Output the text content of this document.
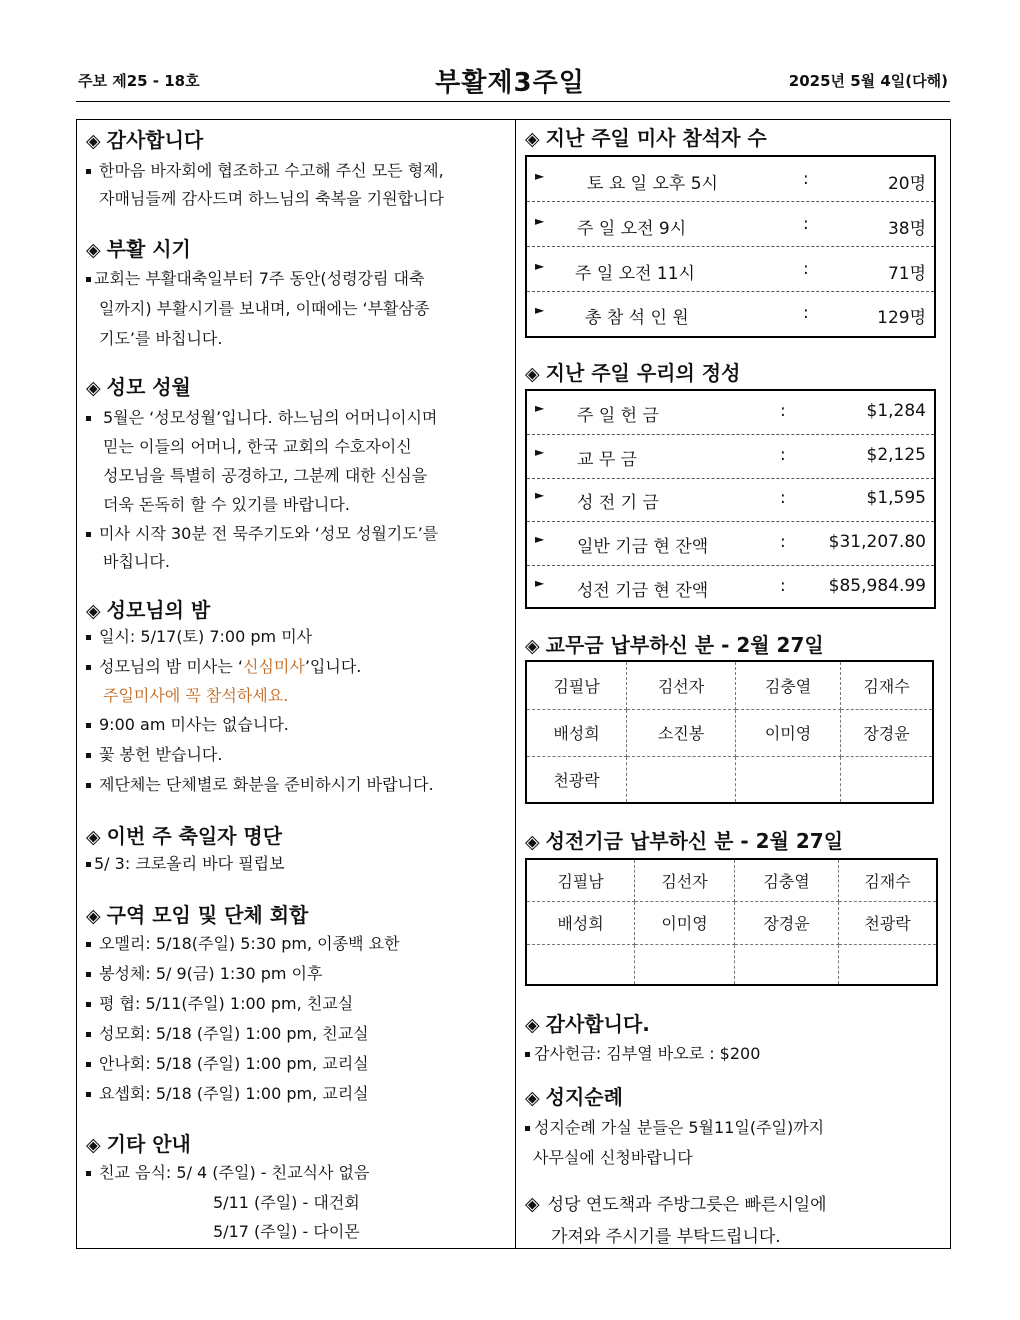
주보 제25 - 18호	부활제3주일	2025년 5월 4일(다해)
◈ 감사합니다
한마음 바자회에 협조하고 수고해 주신 모든 형제,
자매님들께 감사드며 하느님의 축복을 기원합니다
◈ 부활 시기
교회는 부활대축일부터 7주 동안(성령강림 대축
일까지) 부활시기를 보내며, 이때에는 ‘부활삼종
기도’를 바칩니다.
◈ 성모 성월
5월은 ‘성모성월’입니다. 하느님의 어머니이시며
믿는 이들의 어머니, 한국 교회의 수호자이신
성모님을 특별히 공경하고, 그분께 대한 신심을
더욱 돈독히 할 수 있기를 바랍니다.
미사 시작 30분 전 묵주기도와 ‘성모 성월기도’를
바칩니다.
◈ 성모님의 밤
일시: 5/17(토) 7:00 pm 미사
성모님의 밤 미사는 ‘신심미사’입니다.
주일미사에 꼭 참석하세요.
9:00 am 미사는 없습니다.
꽃 봉헌 받습니다.
제단체는 단체별로 화분을 준비하시기 바랍니다.
◈ 이번 주 축일자 명단
5/ 3: 크로올리 바다 필립보
◈ 구역 모임 및 단체 회합
오멜리: 5/18(주일) 5:30 pm, 이종백 요한
봉성체: 5/ 9(금) 1:30 pm 이후
평 협: 5/11(주일) 1:00 pm, 친교실
성모회: 5/18 (주일) 1:00 pm, 친교실
안나회: 5/18 (주일) 1:00 pm, 교리실
요셉회: 5/18 (주일) 1:00 pm, 교리실
◈ 기타 안내
친교 음식: 5/ 4 (주일) - 친교식사 없음
5/11 (주일) - 대건회
5/17 (주일) - 다이몬
◈ 지난 주일 미사 참석자 수
►	토 요 일 오후 5시	:	20명
► 주 일 오전 9시	:	38명
► 주 일 오전 11시	:	71명
► 총 참 석 인 원	:	129명
◈ 지난 주일 우리의 정성
► 주 일 헌 금	:	$1,284
► 교 무 금	:	$2,125
► 성 전 기 금	:	$1,595
► 일반 기금 현 잔액	:	$31,207.80
► 성전 기금 현 잔액	:	$85,984.99
◈ 교무금 납부하신 분 - 2월 27일
김필남	김선자	김충열	김재수
배성희	소진봉	이미영	장경윤
천광락			
◈ 성전기금 납부하신 분 - 2월 27일
김필남	김선자	김충열	김재수
배성희	이미영	장경윤	천광락

◈ 감사합니다.
감사헌금: 김부열 바오로 : $200
◈ 성지순례
성지순례 가실 분들은 5월11일(주일)까지
사무실에 신청바랍니다
◈ 성당 연도책과 주방그릇은 빠른시일에
가져와 주시기를 부탁드립니다.
